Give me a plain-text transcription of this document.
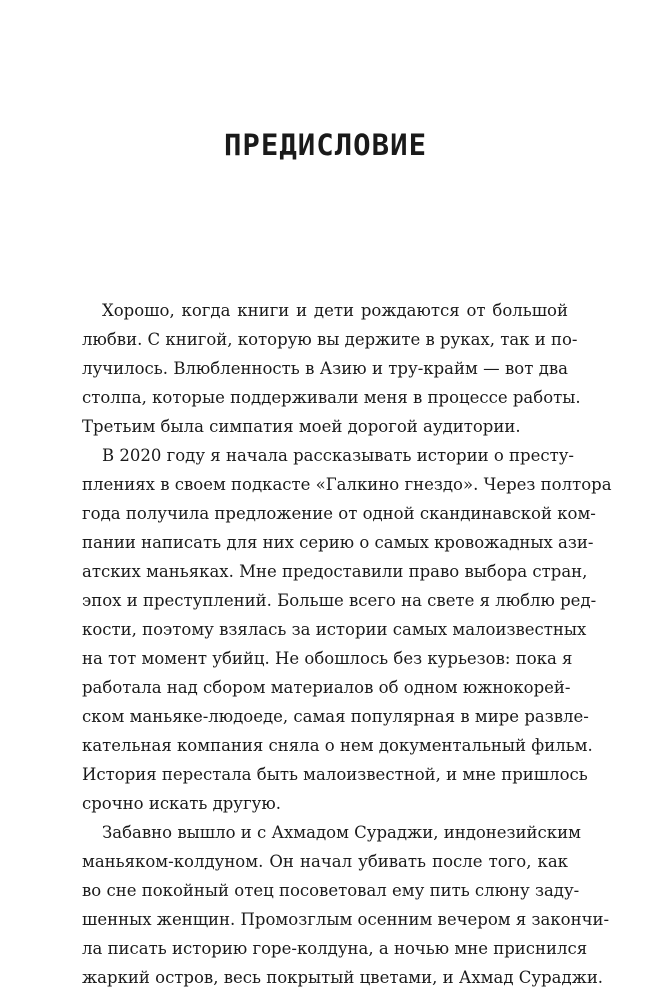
ПРЕДИСЛОВИЕ
Хорошо, когда книги и дети рождаются от большой
любви. С книгой, которую вы держите в руках, так и по-
лучилось. Влюбленность в Азию и тру-крайм — вот два
столпа, которые поддерживали меня в процессе работы.
Третьим была симпатия моей дорогой аудитории.
В 2020 году я начала рассказывать истории о престу-
плениях в своем подкасте «Галкино гнездо». Через полтора
года получила предложение от одной скандинавской ком-
пании написать для них серию о самых кровожадных ази-
атских маньяках. Мне предоставили право выбора стран,
эпох и преступлений. Больше всего на свете я люблю ред-
кости, поэтому взялась за истории самых малоизвестных
на тот момент убийц. Не обошлось без курьезов: пока я
работала над сбором материалов об одном южнокорей-
ском маньяке-людоеде, самая популярная в мире развле-
кательная компания сняла о нем документальный фильм.
История перестала быть малоизвестной, и мне пришлось
срочно искать другую.
Забавно вышло и с Ахмадом Сураджи, индонезийским
маньяком-колдуном. Он начал убивать после того, как
во сне покойный отец посоветовал ему пить слюну заду-
шенных женщин. Промозглым осенним вечером я закончи-
ла писать историю горе-колдуна, а ночью мне приснился
жаркий остров, весь покрытый цветами, и Ахмад Сураджи.
